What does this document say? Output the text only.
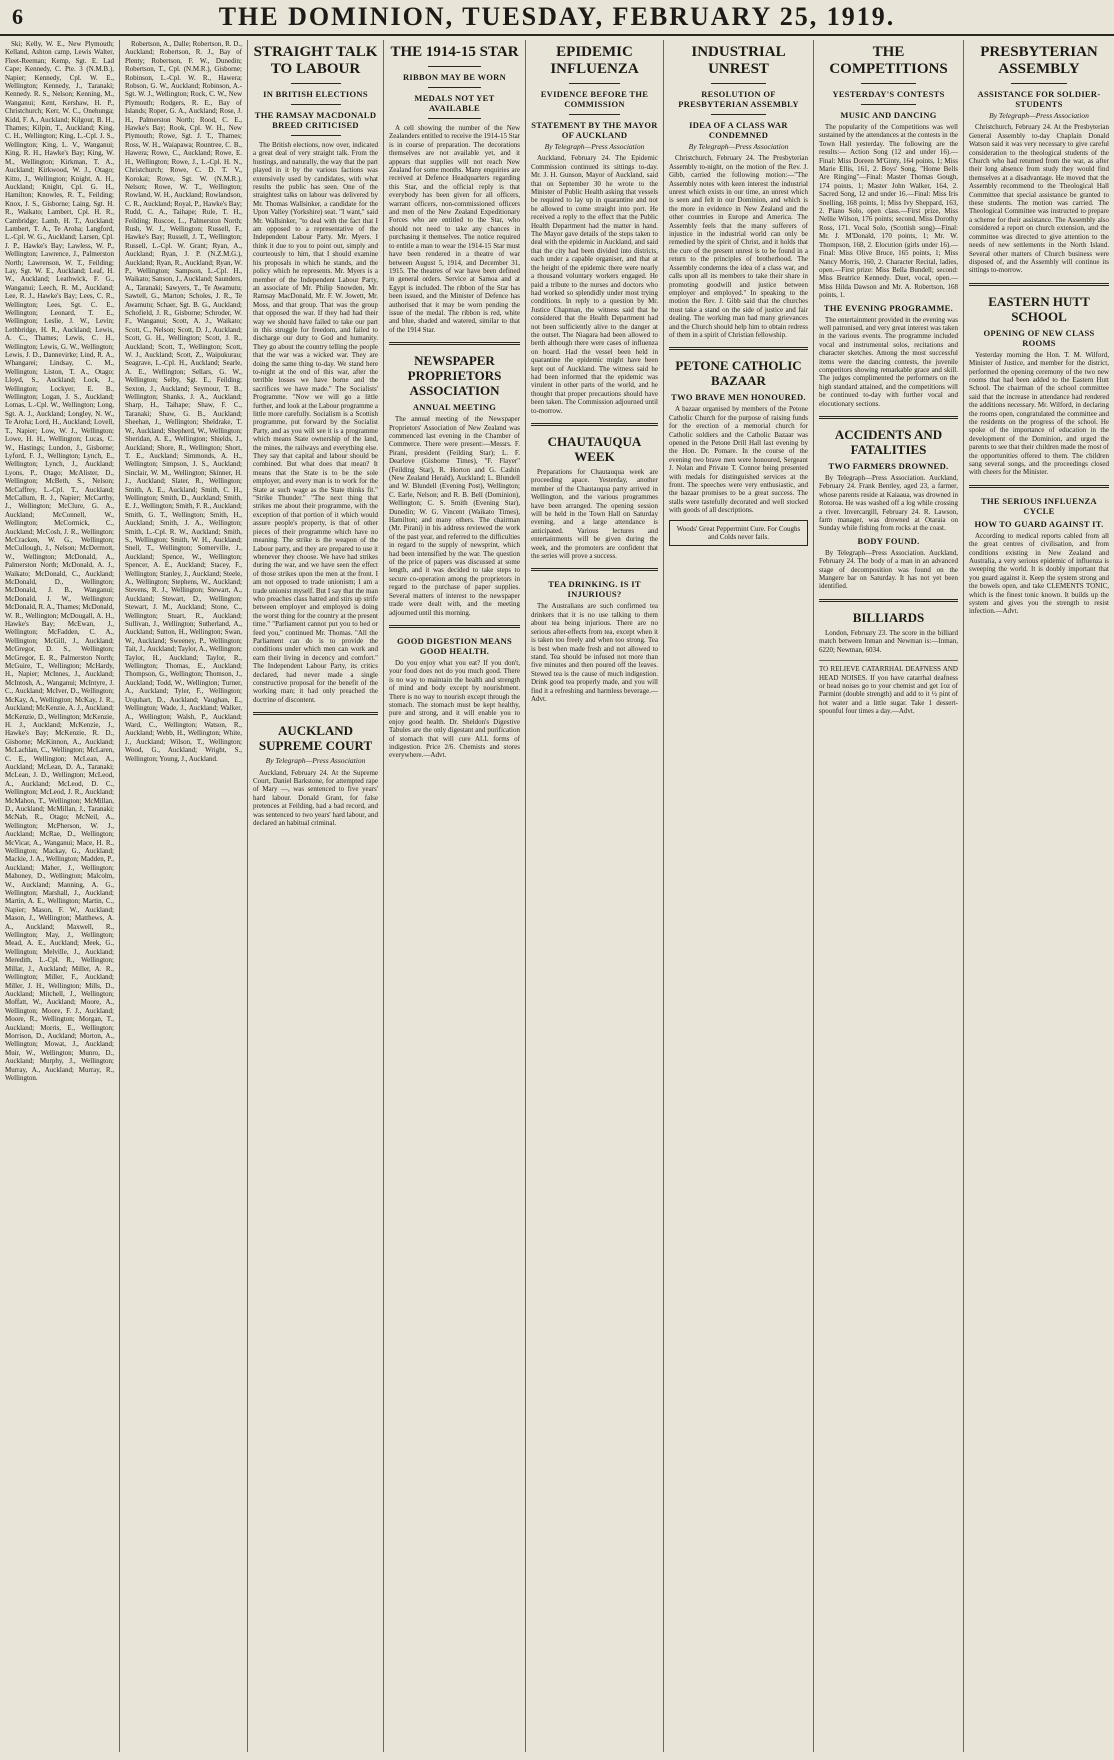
6	THE DOMINION, TUESDAY, FEBRUARY 25, 1919.
Ski; Kelly, W. E., New Plymouth; Kelland, Ashton camp, Lewis Walter, Fleet-Reeman; Kemp, Sgt. E. Lad Cape; Kennedy, C. Pte. 3 (N.M.B.), Napier; Kennedy, Cpl. W. E., Wellington; Kennedy, J., Taranaki; Kennedy. R. S., Nelson; Kenning, M., Wanganui; Kent, Kershaw, H. P., Christchurch; Kerr, W. C., Onehunga; Kidd, F. A., Auckland; Kilgour, B. H., Thames; Kilpin, T., Auckland; King, C. H., Wellington; King, L.-Cpl. J. S., Wellington; King, L. V., Wanganui; King, R. H., Hawke's Bay; King, W. M., Wellington; Kirkman, T. A., Auckland; Kirkwood, W. J., Otago; Kitto, J., Wellington; Knight, A. H., Auckland; Knight, Cpl. G. H., Hamilton; Knowles, R. T., Feilding; Knox, J. S., Gisborne; Laing, Sgt. H. R., Waikato; Lambert, Cpl. H. R., Cambridge; Lamb, H. T., Auckland; Lambert, T. A., Te Aroha; Langford, L.-Cpl. W. G., Auckland; Larsen, Cpl. J. P., Hawke's Bay; Lawless, W. P., Wellington; Lawrence, J., Palmerston North; Lawrenson, W. T., Feilding; Lay, Sgt. W. E., Auckland; Leaf, H. W., Auckland; Leathwick, F. G., Wanganui; Leech, R. M., Auckland; Lee, R. J., Hawke's Bay; Lees, C. R., Wellington; Lees, Sgt. C. E., Wellington; Leonard, T. E., Wellington; Leslie, J. W., Levin; Lethbridge, H. R., Auckland; Lewis, A. C., Thames; Lewis, C. H., Wellington; Lewis, G. W., Wellington; Lewis, J. D., Dannevirke; Lind, R. A., Whangarei; Lindsay, C. M., Wellington; Liston, T. A., Otago; Lloyd, S., Auckland; Lock, J., Wellington; Lockyer, E. B., Wellington; Logan, J. S., Auckland; Lomas, L.-Cpl. W., Wellington; Long, Sgt. A. J., Auckland; Longley, N. W., Te Aroha; Lord, H., Auckland; Lovell, T., Napier; Low, W. J., Wellington; Lowe, H. H., Wellington; Lucas, C. W., Hastings; Lundon, J., Gisborne; Lyford, F. J., Wellington; Lynch, E., Wellington; Lynch, J., Auckland; Lyons, P., Otago; McAlister, D., Wellington; McBeth, S., Nelson; McCaffrey, L.-Cpl. T., Auckland; McCallum, R. J., Napier; McCarthy, J., Wellington; McClure, G. A., Auckland; McConnell, W., Wellington; McCormick, C., Auckland; McCosh, J. R., Wellington; McCracken, W. G., Wellington; McCullough, J., Nelson; McDermott, W., Wellington; McDonald, A., Palmerston North; McDonald, A. J., Waikato; McDonald, C., Auckland; McDonald, D., Wellington; McDonald, J. B., Wanganui; McDonald, J. W., Wellington; McDonald, R. A., Thames; McDonald, W. R., Wellington; McDougall, A. H., Hawke's Bay; McEwan, J., Wellington; McFadden, C. A., Wellington; McGill, J., Auckland; McGregor, D. S., Wellington; McGregor, E. R., Palmerston North; McGuire, T., Wellington; McHardy, H., Napier; McInnes, J., Auckland; McIntosh, A., Wanganui; McIntyre, J. C., Auckland; McIver, D., Wellington; McKay, A., Wellington; McKay, J. R., Auckland; McKenzie, A. J., Auckland; McKenzie, D., Wellington; McKenzie, H. J., Auckland; McKenzie, J., Hawke's Bay; McKenzie, R. D., Gisborne; McKinnon, A., Auckland; McLachlan, C., Wellington; McLaren, C. E., Wellington; McLean, A., Auckland; McLean, D. A., Taranaki; McLean, J. D., Wellington; McLeod, A., Auckland; McLeod, D. C., Wellington; McLeod, J. R., Auckland; McMahon, T., Wellington; McMillan, D., Auckland; McMillan, J., Taranaki; McNab, R., Otago; McNeil, A., Wellington; McPherson, W. J., Auckland; McRae, D., Wellington; McVicar, A., Wanganui; Mace, H. R., Wellington; Mackay, G., Auckland; Mackie, J. A., Wellington; Madden, P., Auckland; Maher, J., Wellington; Mahoney, D., Wellington; Malcolm, W., Auckland; Manning, A. G., Wellington; Marshall, J., Auckland; Martin, A. E., Wellington; Martin, C., Napier; Mason, F. W., Auckland; Mason, J., Wellington; Matthews, A. A., Auckland; Maxwell, R., Wellington; May, J., Wellington; Mead, A. E., Auckland; Meek, G., Wellington; Melville, J., Auckland; Meredith, L.-Cpl. R., Wellington; Millar, J., Auckland; Miller, A. R., Wellington; Miller, F., Auckland; Miller, J. H., Wellington; Mills, D., Auckland; Mitchell, J., Wellington; Moffatt, W., Auckland; Moore, A., Wellington; Moore, F. J., Auckland; Moore, R., Wellington; Morgan, T., Auckland; Morris, E., Wellington; Morrison, D., Auckland; Morton, A., Wellington; Mowat, J., Auckland; Muir, W., Wellington; Munro, D., Auckland; Murphy, J., Wellington; Murray, A., Auckland; Murray, R., Wellington.
Robertson, A., Dalle; Robertson, R. D., Auckland; Robertson, R. J., Bay of Plenty; Robertson, F. W., Dunedin; Robertson, T., Cpl. (N.M.R.), Gisborne; Robinson, L.-Cpl. W. R., Hawera; Robson, G. W., Auckland; Robinson, A.-Sgt. W. J., Wellington; Rock, C. W., New Plymouth; Rodgers, R. E., Bay of Islands; Roper, G. A., Auckland; Rose, J. H., Palmerston North; Rood, C. E., Hawke's Bay; Rook, Cpl. W. H., New Plymouth; Rowe, Sgt. J. T., Thames; Ross, W. H., Waiapawa; Rountree, C. B., Hawera; Rowe, C., Auckland; Rowe, E. H., Wellington; Rowe, J., L.-Cpl. H. N., Christchurch; Rowe, C. D. T. V., Korokai; Rowe, Sgt. W. (N.M.R.), Nelson; Rowe, W. T., Wellington; Rowland, W. H., Auckland; Rowlandson, C. R., Auckland; Royal, P., Hawke's Bay; Rudd, C. A., Taihape; Rule, T. H., Feilding; Ruscoe, L., Palmerston North; Rush, W. J., Wellington; Russell, F., Hawke's Bay; Russell, J. T., Wellington; Russell, L.-Cpl. W. Grant; Ryan, A., Auckland; Ryan, J. P. (N.Z.M.G.), Auckland; Ryan, R., Auckland; Ryan, W. P., Wellington; Sampson, L.-Cpl. H., Waikato; Sanson, J., Auckland; Saunders, A., Taranaki; Sawyers, T., Te Awamutu; Sawtell, G., Marton; Scholes, J. R., Te Awamutu; Schaer, Sgt. B. G., Auckland; Schofield, J. R., Gisborne; Schroder, W. F., Wanganui; Scott, A. J., Waikato; Scott, C., Nelson; Scott, D. J., Auckland; Scott, G. H., Wellington; Scott, J. R., Auckland; Scott, T., Wellington; Scott, W. J., Auckland; Scott, Z., Waipukurau; Seagrave, L.-Cpl. H., Auckland; Searle, A. E., Wellington; Sellars, G. W., Wellington; Selby, Sgt. E., Feilding; Sexton, J., Auckland; Seymour, T. B., Wellington; Shanks, J. A., Auckland; Sharp, H., Taihape; Shaw, F. C., Taranaki; Shaw, G. B., Auckland; Sheehan, J., Wellington; Sheldrake, T. W., Auckland; Shepherd, W., Wellington; Sheridan, A. E., Wellington; Shields, J., Auckland; Shore, R., Wellington; Short, T. E., Auckland; Simmonds, A. H., Wellington; Simpson, J. S., Auckland; Sinclair, W. M., Wellington; Skinner, H. J., Auckland; Slater, R., Wellington; Smith, A. E., Auckland; Smith, C. H., Wellington; Smith, D., Auckland; Smith, E. J., Wellington; Smith, F. R., Auckland; Smith, G. T., Wellington; Smith, H., Auckland; Smith, J. A., Wellington; Smith, L.-Cpl. R. W., Auckland; Smith, S., Wellington; Smith, W. H., Auckland; Snell, T., Wellington; Somerville, J., Auckland; Spence, W., Wellington; Spencer, A. E., Auckland; Stacey, F., Wellington; Stanley, J., Auckland; Steele, A., Wellington; Stephens, W., Auckland; Stevens, R. J., Wellington; Stewart, A., Auckland; Stewart, D., Wellington; Stewart, J. M., Auckland; Stone, C., Wellington; Stuart, R., Auckland; Sullivan, J., Wellington; Sutherland, A., Auckland; Sutton, H., Wellington; Swan, W., Auckland; Sweeney, P., Wellington; Tait, J., Auckland; Taylor, A., Wellington; Taylor, H., Auckland; Taylor, R., Wellington; Thomas, E., Auckland; Thompson, G., Wellington; Thomson, J., Auckland; Todd, W., Wellington; Turner, A., Auckland; Tyler, F., Wellington; Urquhart, D., Auckland; Vaughan, E., Wellington; Wade, J., Auckland; Walker, A., Wellington; Walsh, P., Auckland; Ward, C., Wellington; Watson, R., Auckland; Webb, H., Wellington; White, J., Auckland; Wilson, T., Wellington; Wood, G., Auckland; Wright, S., Wellington; Young, J., Auckland.
STRAIGHT TALK TO LABOUR
IN BRITISH ELECTIONS
THE RAMSAY MACDONALD BREED CRITICISED
The British elections, now over, indicated a great deal of very straight talk. From the hustings, and naturally, the way that the part played in it by the various factions was extensively used by candidates, with what results the public has seen. One of the straightest talks on labour was delivered by Mr. Thomas Wallsinker, a candidate for the Upon Valley (Yorkshire) seat. "I want," said Mr. Wallsinker, "to deal with the fact that I am opposed to a representative of the Independent Labour Party. Mr. Myers. I think it due to you to point out, simply and courteously to him, that I should examine his proposals in which he stands, and the policy which he represents. Mr. Myers is a member of the Independent Labour Party, an associate of Mr. Philip Snowden, Mr. Ramsay MacDonald, Mr. F. W. Jowett, Mr. Moss, and that group. That was the group that opposed the war. If they had had their way we should have failed to take our part in this struggle for freedom, and failed to discharge our duty to God and humanity. They go about the country telling the people that the war was a wicked war. They are doing the same thing to-day. We stand here to-night at the end of this war, after the terrible losses we have borne and the sacrifices we have made." The Socialists' Programme. "Now we will go a little further, and look at the Labour programme a little more carefully. Socialism is a Scottish programme, put forward by the Socialist Party, and as you will see it is a programme which means State ownership of the land, the mines, the railways and everything else. They say that capital and labour should be combined. But what does that mean? It means that the State is to be the sole employer, and every man is to work for the State at such wage as the State thinks fit." "Strike Thunder." "The next thing that strikes me about their programme, with the exception of that portion of it which would assure people's property, is that of other pieces of their programme which have no meaning. The strike is the weapon of the Labour party, and they are prepared to use it whenever they choose. We have had strikes during the war, and we have seen the effect of those strikes upon the men at the front. I am not opposed to trade unionism; I am a trade unionist myself. But I say that the man who preaches class hatred and stirs up strife between employer and employed is doing the worst thing for the country at the present time." "Parliament cannot put you to bed or feed you," continued Mr. Thomas. "All the Parliament can do is to provide the conditions under which men can work and earn their living in decency and comfort." The Independent Labour Party, its critics declared, had never made a single constructive proposal for the benefit of the working man; it had only preached the doctrine of discontent.
AUCKLAND SUPREME COURT
By Telegraph—Press Association
Auckland, February 24. At the Supreme Court, Daniel Barkstone, for attempted rape of Mary —, was sentenced to five years' hard labour. Donald Grant, for false pretences at Feilding, had a bad record, and was sentenced to two years' hard labour, and declared an habitual criminal.
THE 1914-15 STAR
RIBBON MAY BE WORN
MEDALS NOT YET AVAILABLE
A cell showing the number of the New Zealanders entitled to receive the 1914-15 Star is in course of preparation. The decorations themselves are not available yet, and it appears that supplies will not reach New Zealand for some months. Many enquiries are received at Defence Headquarters regarding this Star, and the official reply is that everybody has been given for all officers, warrant officers, non-commissioned officers and men of the New Zealand Expeditionary Forces who are entitled to the Star, who should not need to take any chances in purchasing it themselves. The notice required to entitle a man to wear the 1914-15 Star must have been rendered in a theatre of war between August 5, 1914, and December 31, 1915. The theatres of war have been defined in general orders. Service at Samoa and at Egypt is included. The ribbon of the Star has been issued, and the Minister of Defence has authorised that it may be worn pending the issue of the medal. The ribbon is red, white and blue, shaded and watered, similar to that of the 1914 Star.
NEWSPAPER PROPRIETORS ASSOCIATION
ANNUAL MEETING
The annual meeting of the Newspaper Proprietors' Association of New Zealand was commenced last evening in the Chamber of Commerce. There were present:—Messrs. F. Pirani, president (Feilding Star); L. F. Dearlove (Gisborne Times), "F. Flayer" (Feilding Star), R. Horton and G. Cashin (New Zealand Herald), Auckland; L. Blundell and W. Blundell (Evening Post), Wellington; C. Earle, Nelson; and R. B. Bell (Dominion), Wellington; C. S. Smith (Evening Star), Dunedin; W. G. Vincent (Waikato Times), Hamilton; and many others. The chairman (Mr. Pirani) in his address reviewed the work of the past year, and referred to the difficulties in regard to the supply of newsprint, which had been intensified by the war. The question of the price of papers was discussed at some length, and it was decided to take steps to secure co-operation among the proprietors in regard to the purchase of paper supplies. Several matters of interest to the newspaper trade were dealt with, and the meeting adjourned until this morning.
GOOD DIGESTION MEANS GOOD HEALTH.
Do you enjoy what you eat? If you don't, your food does not do you much good. There is no way to maintain the health and strength of mind and body except by nourishment. There is no way to nourish except through the stomach. The stomach must be kept healthy, pure and strong, and it will enable you to enjoy good health. Dr. Sheldon's Digestive Tabules are the only digestant and purification of stomach that will cure ALL forms of indigestion. Price 2/6. Chemists and stores everywhere.—Advt.
EPIDEMIC INFLUENZA
EVIDENCE BEFORE THE COMMISSION
STATEMENT BY THE MAYOR OF AUCKLAND
By Telegraph—Press Association
Auckland, February 24. The Epidemic Commission continued its sittings to-day. Mr. J. H. Gunson, Mayor of Auckland, said that on September 30 he wrote to the Minister of Public Health asking that vessels be required to lay up in quarantine and not be allowed to come straight into port. He received a reply to the effect that the Public Health Department had the matter in hand. The Mayor gave details of the steps taken to deal with the epidemic in Auckland, and said that the city had been divided into districts, each under a capable organiser, and that at the height of the epidemic there were nearly a thousand voluntary workers engaged. He paid a tribute to the nurses and doctors who had worked so splendidly under most trying conditions. In reply to a question by Mr. Justice Chapman, the witness said that he considered that the Health Department had not been sufficiently alive to the danger at the outset. The Niagara had been allowed to berth although there were cases of influenza on board. Had the vessel been held in quarantine the epidemic might have been kept out of Auckland. The witness said he had been informed that the epidemic was virulent in other parts of the world, and he thought that proper precautions should have been taken. The Commission adjourned until to-morrow.
CHAUTAUQUA WEEK
Preparations for Chautauqua week are proceeding apace. Yesterday, another member of the Chautauqua party arrived in Wellington, and the various programmes have been arranged. The opening session will be held in the Town Hall on Saturday evening, and a large attendance is anticipated. Various lectures and entertainments will be given during the week, and the promoters are confident that the series will prove a success.
TEA DRINKING. IS IT INJURIOUS?
The Australians are such confirmed tea drinkers that it is no use talking to them about tea being injurious. There are no serious after-effects from tea, except when it is taken too freely and when too strong. Tea is best when made fresh and not allowed to stand. Tea should be infused not more than five minutes and then poured off the leaves. Stewed tea is the cause of much indigestion. Drink good tea properly made, and you will find it a refreshing and harmless beverage.—Advt.
INDUSTRIAL UNREST
RESOLUTION OF PRESBYTERIAN ASSEMBLY
IDEA OF A CLASS WAR CONDEMNED
By Telegraph—Press Association
Christchurch, February 24. The Presbyterian Assembly to-night, on the motion of the Rev. J. Gibb, carried the following motion:—"The Assembly notes with keen interest the industrial unrest which exists in our time, an unrest which is seen and felt in our Dominion, and which is the more in evidence in New Zealand and the other countries in Europe and America. The Assembly feels that the many sufferers of injustice in the industrial world can only be remedied by the spirit of Christ, and it holds that the cure of the present unrest is to be found in a return to the principles of brotherhood. The Assembly condemns the idea of a class war, and calls upon all its members to take their share in promoting goodwill and justice between employer and employed." In speaking to the motion the Rev. J. Gibb said that the churches must take a stand on the side of justice and fair dealing. The working man had many grievances and the Church should help him to obtain redress of them in a spirit of Christian fellowship.
PETONE CATHOLIC BAZAAR
TWO BRAVE MEN HONOURED.
A bazaar organised by members of the Petone Catholic Church for the purpose of raising funds for the erection of a memorial church for Catholic soldiers and the Catholic Bazaar was opened in the Petone Drill Hall last evening by the Hon. Dr. Pomare. In the course of the evening two brave men were honoured, Sergeant J. Nolan and Private T. Connor being presented with medals for distinguished services at the front. The speeches were very enthusiastic, and the bazaar promises to be a great success. The stalls were tastefully decorated and well stocked with goods of all descriptions.
Woods' Great Peppermint Cure. For Coughs and Colds never fails.
THE COMPETITIONS
YESTERDAY'S CONTESTS
MUSIC AND DANCING
The popularity of the Competitions was well sustained by the attendances at the contests in the Town Hall yesterday. The following are the results:— Action Song (12 and under 16).—Final: Miss Doreen M'Ginty, 164 points, 1; Miss Marie Ellis, 161, 2. Boys' Song, "Home Bells Are Ringing"—Final: Master Thomas Gough, 174 points, 1; Master John Walker, 164, 2. Sacred Song, 12 and under 16.—Final: Miss Iris Snelling, 168 points, 1; Miss Ivy Sheppard, 163, 2. Piano Solo, open class.—First prize, Miss Nellie Wilson, 176 points; second, Miss Dorothy Ross, 171. Vocal Solo, (Scottish song)—Final: Mr. J. M'Donald, 170 points, 1; Mr. W. Thompson, 168, 2. Elocution (girls under 16).—Final: Miss Olive Bruce, 165 points, 1; Miss Nancy Morris, 160, 2. Character Recital, ladies, open.—First prize: Miss Bella Bundell; second: Miss Beatrice Kennedy. Duet, vocal, open.—Miss Hilda Dawson and Mr. A. Robertson, 168 points, 1.
THE EVENING PROGRAMME.
The entertainment provided in the evening was well patronised, and very great interest was taken in the various events. The programme included vocal and instrumental solos, recitations and character sketches. Among the most successful items were the dancing contests, the juvenile competitors showing remarkable grace and skill. The judges complimented the performers on the high standard attained, and the competitions will be continued to-day with further vocal and elocutionary sections.
ACCIDENTS AND FATALITIES
TWO FARMERS DROWNED.
By Telegraph—Press Association. Auckland, February 24. Frank Bentley, aged 23, a farmer, whose parents reside at Kaiaaua, was drowned in Rotoroa. He was washed off a log while crossing a river. Invercargill, February 24. R. Lawson, farm manager, was drowned at Otaraia on Sunday while fishing from rocks at the coast.
BODY FOUND.
By Telegraph—Press Association. Auckland, February 24. The body of a man in an advanced stage of decomposition was found on the Mangere bar on Saturday. It has not yet been identified.
BILLIARDS
London, February 23. The score in the billiard match between Inman and Newman is:—Inman, 6220; Newman, 6034.
TO RELIEVE CATARRHAL DEAFNESS AND HEAD NOISES. If you have catarrhal deafness or head noises go to your chemist and get 1oz of Parmint (double strength) and add to it ½ pint of hot water and a little sugar. Take 1 dessert-spoonful four times a day.—Advt.
PRESBYTERIAN ASSEMBLY
ASSISTANCE FOR SOLDIER-STUDENTS
By Telegraph—Press Association
Christchurch, February 24. At the Presbyterian General Assembly to-day Chaplain Donald Watson said it was very necessary to give careful consideration to the theological students of the Church who had returned from the war, as after their long absence from study they would find themselves at a disadvantage. He moved that the Assembly recommend to the Theological Hall Committee that special assistance be granted to these students. The motion was carried. The Theological Committee was instructed to prepare a scheme for their assistance. The Assembly also considered a report on church extension, and the committee was directed to give attention to the needs of new settlements in the North Island. Several other matters of Church business were disposed of, and the Assembly will continue its sittings to-morrow.
EASTERN HUTT SCHOOL
OPENING OF NEW CLASS ROOMS
Yesterday morning the Hon. T. M. Wilford, Minister of Justice, and member for the district, performed the opening ceremony of the two new rooms that had been added to the Eastern Hutt School. The chairman of the school committee said that the increase in attendance had rendered the additions necessary. Mr. Wilford, in declaring the rooms open, congratulated the committee and the residents on the progress of the school. He spoke of the importance of education in the development of the Dominion, and urged the parents to see that their children made the most of the opportunities offered to them. The children sang several songs, and the proceedings closed with cheers for the Minister.
THE SERIOUS INFLUENZA CYCLE
HOW TO GUARD AGAINST IT.
According to medical reports cabled from all the great centres of civilisation, and from conditions existing in New Zealand and Australia, a very serious epidemic of influenza is sweeping the world. It is doubly important that you guard against it. Keep the system strong and the bowels open, and take CLEMENTS TONIC, which is the finest tonic known. It builds up the system and gives you the strength to resist infection.—Advt.
